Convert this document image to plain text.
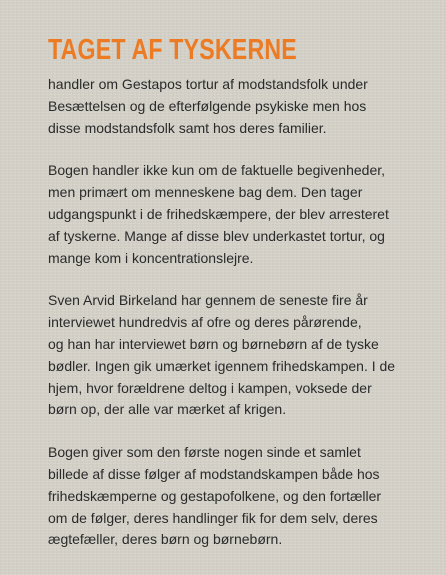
TAGET AF TYSKERNE

handler om Gestapos tortur af modstandsfolk under
Besættelsen og de efterfølgende psykiske men hos
disse modstandsfolk samt hos deres familier.

Bogen handler ikke kun om de faktuelle begivenheder,
men primært om menneskene bag dem. Den tager
udgangspunkt i de frihedskæmpere, der blev arresteret
af tyskerne. Mange af disse blev underkastet tortur, og
mange kom i koncentrationslejre.

Sven Arvid Birkeland har gennem de seneste fire år
interviewet hundredvis af ofre og deres pårørende,
og han har interviewet børn og børnebørn af de tyske
bødler. Ingen gik umærket igennem frihedskampen. I de
hjem, hvor forældrene deltog i kampen, voksede der
børn op, der alle var mærket af krigen.

Bogen giver som den første nogen sinde et samlet
billede af disse følger af modstandskampen både hos
frihedskæmperne og gestapofolkene, og den fortæller
om de følger, deres handlinger fik for dem selv, deres
ægtefæller, deres børn og børnebørn.
